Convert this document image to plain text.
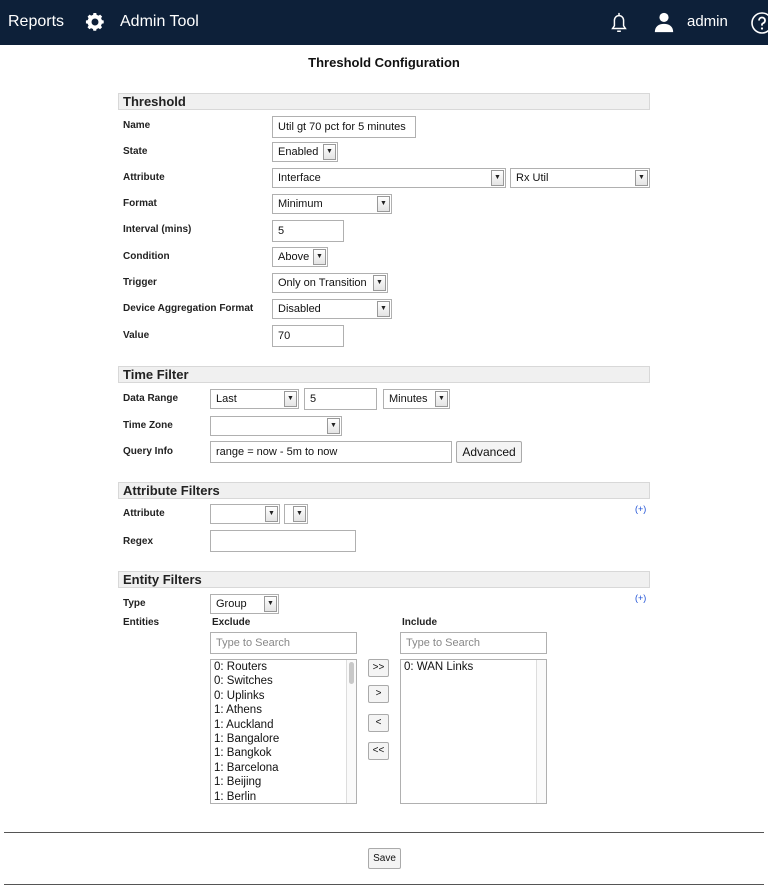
Reports	Admin Tool	admin
Threshold Configuration
Threshold
Name	Util gt 70 pct for 5 minutes
State	Enabled	▼
Attribute	Interface	▼	Rx Util	▼
Format	Minimum	▼
Interval (mins)	5
Condition	Above ▼
Trigger	Only on Transition	▼
Device Aggregation Format	Disabled	▼
Value	70
Time Filter
Data Range	Last	▼	5	Minutes	▼
Time Zone	▼
Query Info	range = now - 5m to now	Advanced
Attribute Filters
(+)
Attribute	▼	▼
Regex
Entity Filters
(+)
Type	Group	▼
Entities	Exclude	Include
Type to Search	Type to Search
0: Routers
0: Switches
0: Uplinks
1: Athens
1: Auckland
1: Bangalore
1: Bangkok
1: Barcelona
1: Beijing
1: Berlin
0: WAN Links
>>
>
<
<<
Save
